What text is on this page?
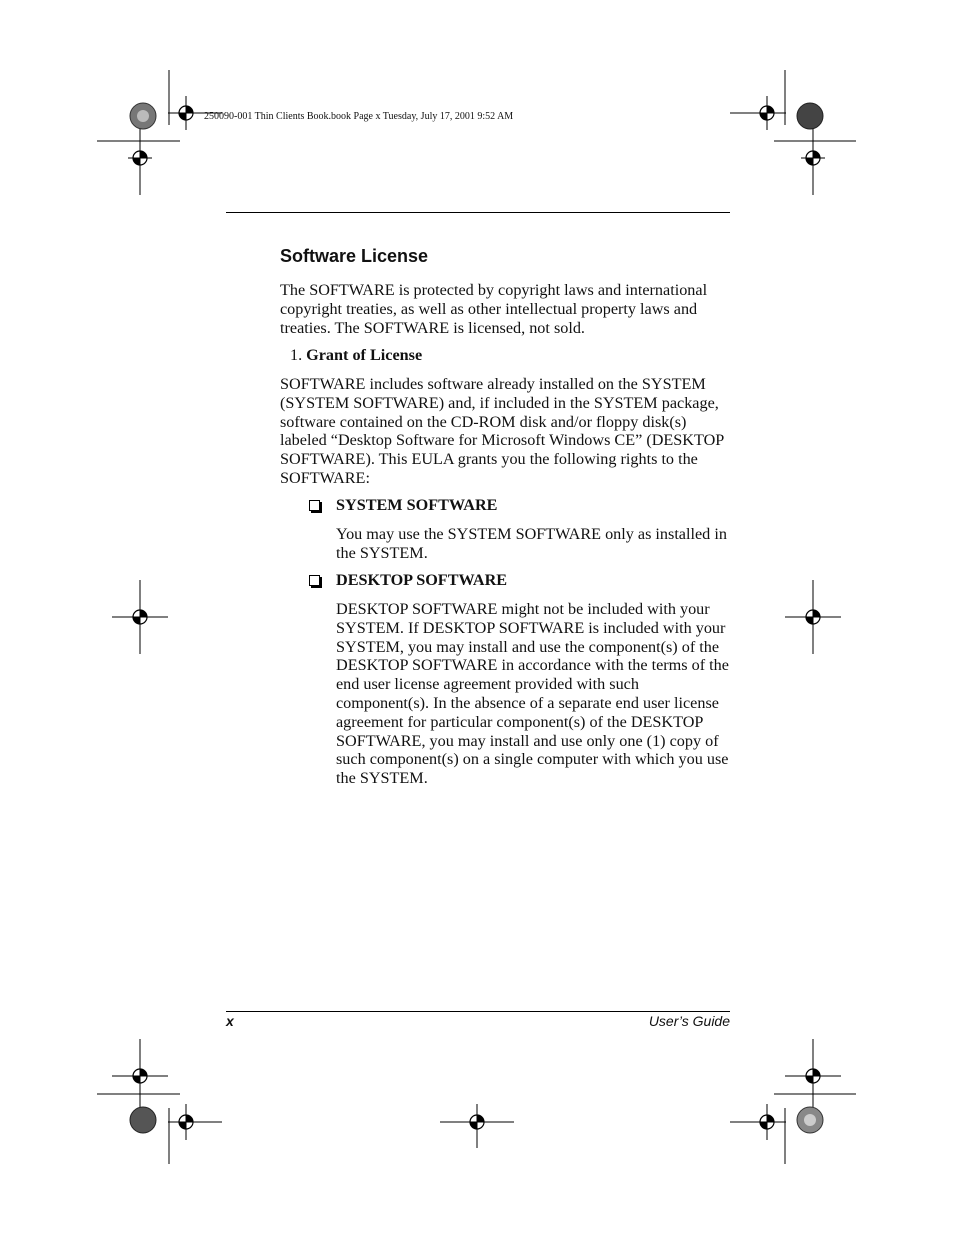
250090-001 Thin Clients Book.book Page x Tuesday, July 17, 2001 9:52 AM
Software License
The SOFTWARE is protected by copyright laws and international copyright treaties, as well as other intellectual property laws and treaties. The SOFTWARE is licensed, not sold.
1. Grant of License
SOFTWARE includes software already installed on the SYSTEM (SYSTEM SOFTWARE) and, if included in the SYSTEM package, software contained on the CD-ROM disk and/or floppy disk(s) labeled “Desktop Software for Microsoft Windows CE” (DESKTOP SOFTWARE). This EULA grants you the following rights to the SOFTWARE:
SYSTEM SOFTWARE
You may use the SYSTEM SOFTWARE only as installed in the SYSTEM.
DESKTOP SOFTWARE
DESKTOP SOFTWARE might not be included with your SYSTEM. If DESKTOP SOFTWARE is included with your SYSTEM, you may install and use the component(s) of the DESKTOP SOFTWARE in accordance with the terms of the end user license agreement provided with such component(s). In the absence of a separate end user license agreement for particular component(s) of the DESKTOP SOFTWARE, you may install and use only one (1) copy of such component(s) on a single computer with which you use the SYSTEM.
x	User’s Guide
